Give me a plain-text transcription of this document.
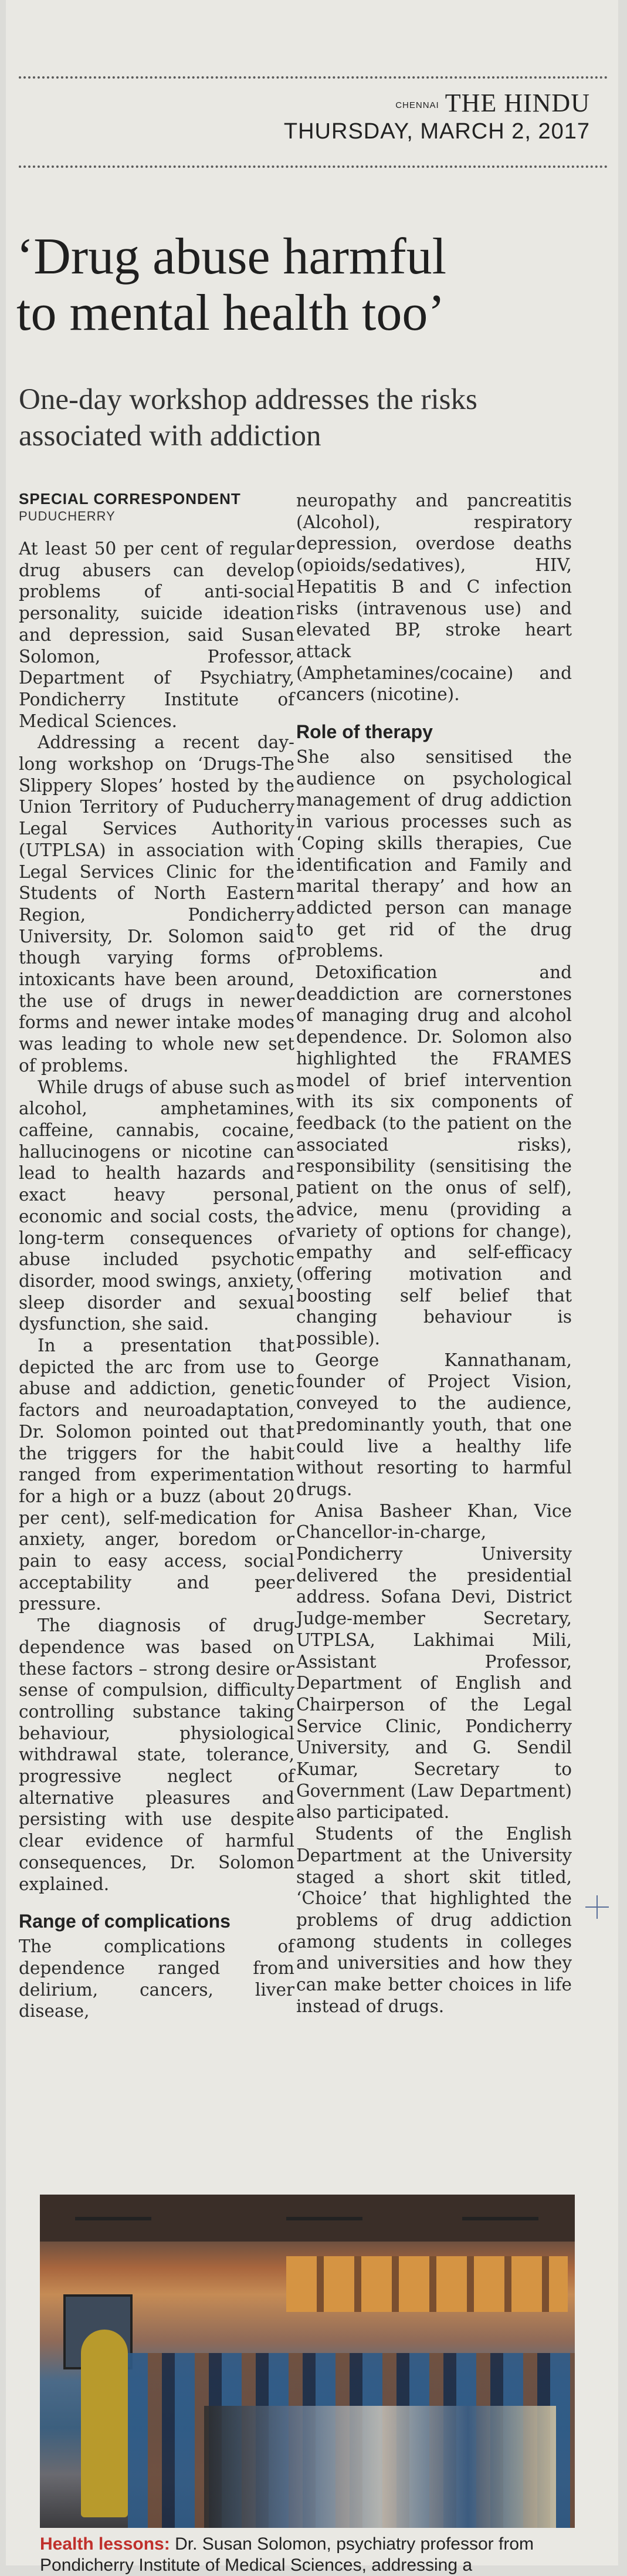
CHENNAI THE HINDU
THURSDAY, MARCH 2, 2017
‘Drug abuse harmful
to mental health too’
One-day workshop addresses the risks
associated with addiction
SPECIAL CORRESPONDENT
PUDUCHERRY

At least 50 per cent of regular drug abusers can develop problems of anti-social personality, suicide ideation and depression, said Susan Solomon, Professor, Department of Psychiatry, Pondicherry Institute of Medical Sciences.

Addressing a recent day-long workshop on ‘Drugs-The Slippery Slopes’ hosted by the Union Territory of Puducherry Legal Services Authority (UTPLSA) in association with Legal Services Clinic for the Students of North Eastern Region, Pondicherry University, Dr. Solomon said though varying forms of intoxicants have been around, the use of drugs in newer forms and newer intake modes was leading to whole new set of problems.

While drugs of abuse such as alcohol, amphetamines, caffeine, cannabis, cocaine, hallucinogens or nicotine can lead to health hazards and exact heavy personal, economic and social costs, the long-term consequences of abuse included psychotic disorder, mood swings, anxiety, sleep disorder and sexual dysfunction, she said.

In a presentation that depicted the arc from use to abuse and addiction, genetic factors and neuroadaptation, Dr. Solomon pointed out that the triggers for the habit ranged from experimentation for a high or a buzz (about 20 per cent), self-medication for anxiety, anger, boredom or pain to easy access, social acceptability and peer pressure.

The diagnosis of drug dependence was based on these factors – strong desire or sense of compulsion, difficulty controlling substance taking behaviour, physiological withdrawal state, tolerance, progressive neglect of alternative pleasures and persisting with use despite clear evidence of harmful consequences, Dr. Solomon explained.

Range of complications

The complications of dependence ranged from delirium, cancers, liver disease,

neuropathy and pancreatitis (Alcohol), respiratory depression, overdose deaths (opioids/sedatives), HIV, Hepatitis B and C infection risks (intravenous use) and elevated BP, stroke heart attack (Amphetamines/cocaine) and cancers (nicotine).

Role of therapy

She also sensitised the audience on psychological management of drug addiction in various processes such as ‘Coping skills therapies, Cue identification and Family and marital therapy’ and how an addicted person can manage to get rid of the drug problems.

Detoxification and deaddiction are cornerstones of managing drug and alcohol dependence. Dr. Solomon also highlighted the FRAMES model of brief intervention with its six components of feedback (to the patient on the associated risks), responsibility (sensitising the patient on the onus of self), advice, menu (providing a variety of options for change), empathy and self-efficacy (offering motivation and boosting self belief that changing behaviour is possible).

George Kannathanam, founder of Project Vision, conveyed to the audience, predominantly youth, that one could live a healthy life without resorting to harmful drugs.

Anisa Basheer Khan, Vice Chancellor-in-charge, Pondicherry University delivered the presidential address. Sofana Devi, District Judge-member Secretary, UTPLSA, Lakhimai Mili, Assistant Professor, Department of English and Chairperson of the Legal Service Clinic, Pondicherry University, and G. Sendil Kumar, Secretary to Government (Law Department) also participated.

Students of the English Department at the University staged a short skit titled, ‘Choice’ that highlighted the problems of drug addiction among students in colleges and universities and how they can make better choices in life instead of drugs.

Health lessons: Dr. Susan Solomon, psychiatry professor from Pondicherry Institute of Medical Sciences, addressing a
